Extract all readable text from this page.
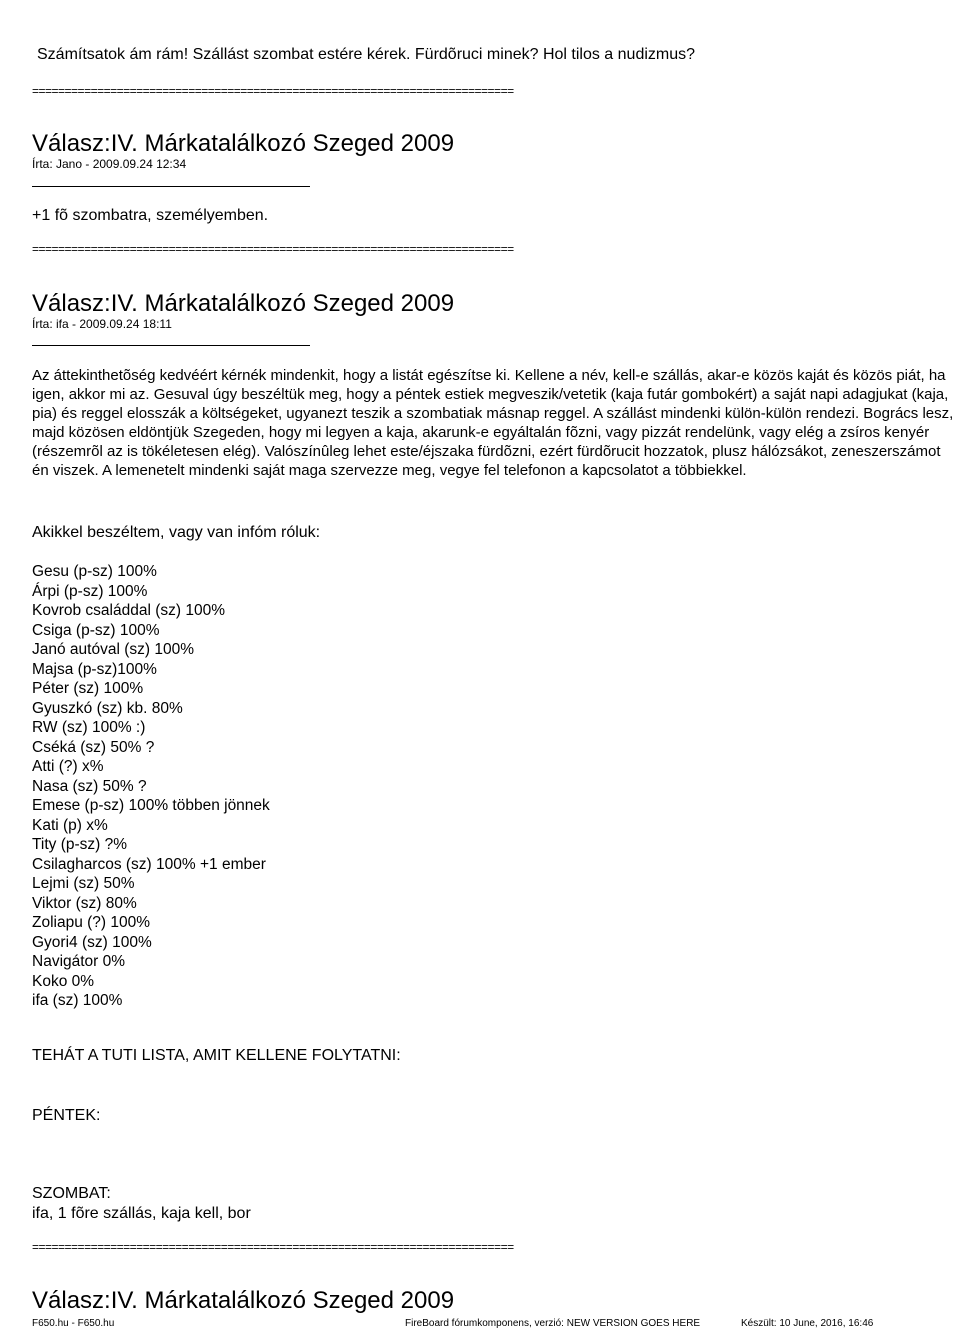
Számítsatok ám rám! Szállást szombat estére kérek. Fürdõruci minek? Hol tilos a nudizmus?
==========================================================================
Válasz:IV. Márkatalálkozó Szeged 2009
Írta: Jano - 2009.09.24 12:34
+1 fõ szombatra, személyemben.
==========================================================================
Válasz:IV. Márkatalálkozó Szeged 2009
Írta: ifa - 2009.09.24 18:11
Az áttekinthetõség kedvéért kérnék mindenkit, hogy a listát egészítse ki. Kellene a név, kell-e szállás, akar-e közös kaját és közös piát, ha igen, akkor mi az. Gesuval úgy beszéltük meg, hogy a péntek estiek megveszik/vetetik (kaja futár gombokért) a saját napi adagjukat (kaja, pia) és reggel elosszák a költségeket, ugyanezt teszik a szombatiak másnap reggel. A szállást mindenki külön-külön rendezi. Bogrács lesz, majd közösen eldöntjük Szegeden, hogy mi legyen a kaja, akarunk-e egyáltalán fõzni, vagy pizzát rendelünk, vagy elég a zsíros kenyér (részemrõl az is tökéletesen elég). Valószínûleg lehet este/éjszaka fürdõzni, ezért fürdõrucit hozzatok, plusz hálózsákot, zeneszerszámot én viszek. A lemenetelt mindenki saját maga szervezze meg, vegye fel telefonon a kapcsolatot a többiekkel.
Akikkel beszéltem, vagy van infóm róluk:
Gesu (p-sz) 100%
Árpi (p-sz) 100%
Kovrob családdal (sz) 100%
Csiga (p-sz) 100%
Janó autóval (sz) 100%
Majsa (p-sz)100%
Péter (sz) 100%
Gyuszkó (sz) kb. 80%
RW (sz) 100% :)
Cséká (sz) 50% ?
Atti (?) x%
Nasa (sz) 50% ?
Emese (p-sz) 100% többen jönnek
Kati (p) x%
Tity (p-sz) ?%
Csilagharcos (sz) 100% +1 ember
Lejmi (sz) 50%
Viktor (sz) 80%
Zoliapu (?) 100%
Gyori4 (sz) 100%
Navigátor 0%
Koko 0%
ifa (sz) 100%
TEHÁT A TUTI LISTA, AMIT KELLENE FOLYTATNI:
PÉNTEK:
SZOMBAT:
ifa, 1 fõre szállás, kaja kell, bor
==========================================================================
Válasz:IV. Márkatalálkozó Szeged 2009
F650.hu - F650.hu	FireBoard fórumkomponens, verzió: NEW VERSION GOES HERE	Készült: 10 June, 2016, 16:46
